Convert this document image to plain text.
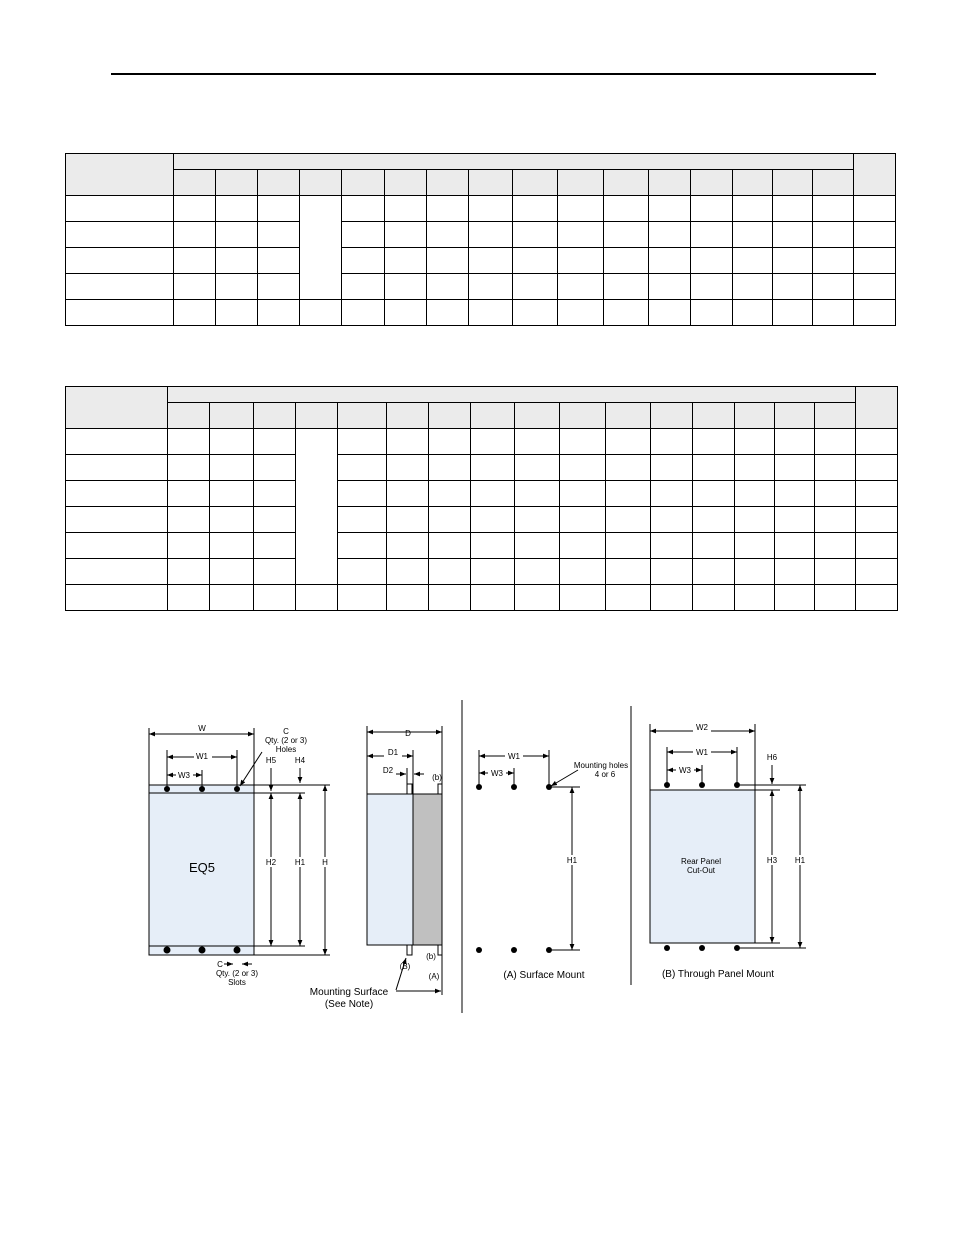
W
W1
W3
H5 H4
H2 H1 H
C
Qty. (2 or 3)
Holes
C
Qty. (2 or 3)
Slots
D
D1
D2
(b)
(b)
(B)
(A)
Mounting Surface
(See Note)
(A) Surface Mount	(B) Through Panel Mount
EQ5
W1
W3
H1
Mounting holes
4 or 6
W2
W1
W3
H6
H3 H1
Rear Panel
Cut-Out
